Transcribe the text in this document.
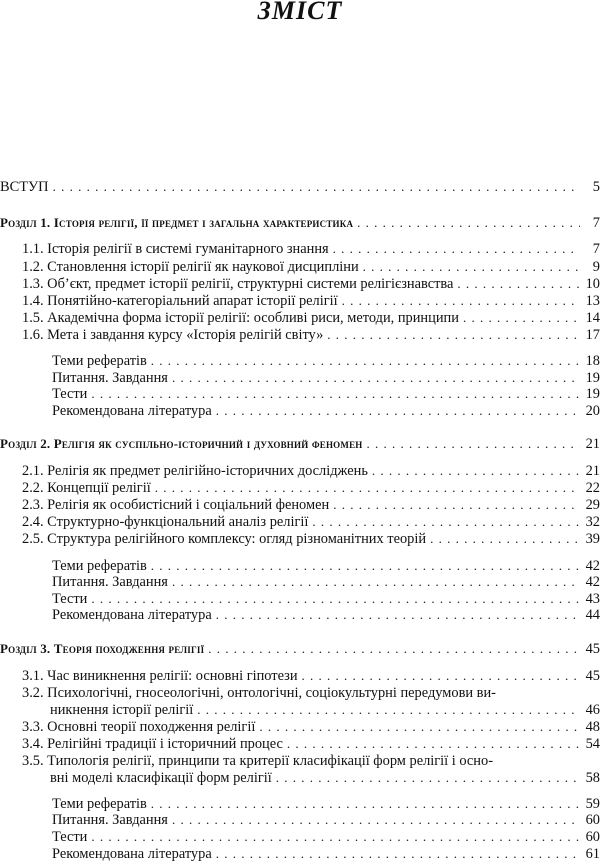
ЗМІСТ
ВСТУП . . .	5
Розділ 1. Історія релігії, її предмет і загальна характеристика . . .	7
1.1. Історія релігії в системі гуманітарного знання . . .	7
1.2. Становлення історії релігії як наукової дисципліни . . .	9
1.3. Об’єкт, предмет історії релігії, структурні системи релігієзнавства . . .	10
1.4. Понятійно-категоріальний апарат історії релігії . . .	13
1.5. Академічна форма історії релігії: особливі риси, методи, принципи . . .	14
1.6. Мета і завдання курсу «Історія релігій світу» . . .	17
Теми рефератів . . .	18
Питання. Завдання . . .	19
Тести . . .	19
Рекомендована література . . .	20
Розділ 2. Релігія як суспільно-історичний і духовний феномен . . .	21
2.1. Релігія як предмет релігійно-історичних досліджень . . .	21
2.2. Концепції релігії . . .	22
2.3. Релігія як особистісний і соціальний феномен . . .	29
2.4. Структурно-функціональний аналіз релігії . . .	32
2.5. Структура релігійного комплексу: огляд різноманітних теорій . . .	39
Теми рефератів . . .	42
Питання. Завдання . . .	42
Тести . . .	43
Рекомендована література . . .	44
Розділ 3. Теорія походження релігії . . .	45
3.1. Час виникнення релігії: основні гіпотези . . .	45
3.2. Психологічні, гносеологічні, онтологічні, соціокультурні передумови ви-
никнення історії релігії . . .	46
3.3. Основні теорії походження релігії . . .	48
3.4. Релігійні традиції і історичний процес . . .	54
3.5. Типологія релігії, принципи та критерії класифікації форм релігії і осно-
вні моделі класифікації форм релігії . . .	58
Теми рефератів . . .	59
Питання. Завдання . . .	60
Тести . . .	60
Рекомендована література . . .	61
